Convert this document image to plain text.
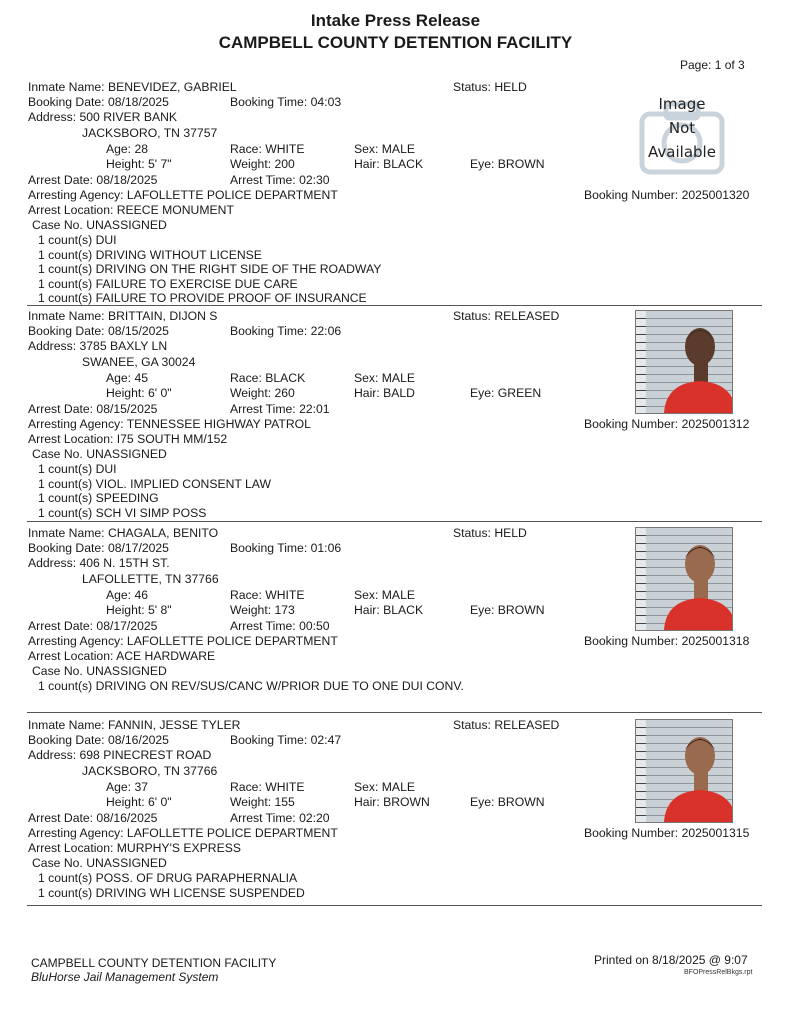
Intake Press Release
CAMPBELL COUNTY DETENTION FACILITY
Page: 1 of 3
Inmate Name: BENEVIDEZ, GABRIEL	Status: HELD
Booking Date: 08/18/2025	Booking Time: 04:03
Address: 500 RIVER BANK
JACKSBORO, TN 37757
Age: 28	Race: WHITE	Sex: MALE
Height: 5' 7"	Weight: 200	Hair: BLACK	Eye: BROWN
Arrest Date: 08/18/2025	Arrest Time: 02:30
Arresting Agency: LAFOLLETTE POLICE DEPARTMENT	Booking Number: 2025001320
Arrest Location: REECE MONUMENT
Case No. UNASSIGNED
1 count(s) DUI
1 count(s) DRIVING WITHOUT LICENSE
1 count(s) DRIVING ON THE RIGHT SIDE OF THE ROADWAY
1 count(s) FAILURE TO EXERCISE DUE CARE
1 count(s) FAILURE TO PROVIDE PROOF OF INSURANCE
Image
Not
Available
Inmate Name: BRITTAIN, DIJON S	Status: RELEASED
Booking Date: 08/15/2025	Booking Time: 22:06
Address: 3785 BAXLY LN
SWANEE, GA 30024
Age: 45	Race: BLACK	Sex: MALE
Height: 6' 0"	Weight: 260	Hair: BALD	Eye: GREEN
Arrest Date: 08/15/2025	Arrest Time: 22:01
Arresting Agency: TENNESSEE HIGHWAY PATROL	Booking Number: 2025001312
Arrest Location: I75 SOUTH MM/152
Case No. UNASSIGNED
1 count(s) DUI
1 count(s) VIOL. IMPLIED CONSENT LAW
1 count(s) SPEEDING
1 count(s) SCH VI SIMP POSS
Inmate Name: CHAGALA, BENITO	Status: HELD
Booking Date: 08/17/2025	Booking Time: 01:06
Address: 406 N. 15TH ST.
LAFOLLETTE, TN 37766
Age: 46	Race: WHITE	Sex: MALE
Height: 5' 8"	Weight: 173	Hair: BLACK	Eye: BROWN
Arrest Date: 08/17/2025	Arrest Time: 00:50
Arresting Agency: LAFOLLETTE POLICE DEPARTMENT	Booking Number: 2025001318
Arrest Location: ACE HARDWARE
Case No. UNASSIGNED
1 count(s) DRIVING ON REV/SUS/CANC W/PRIOR DUE TO ONE DUI CONV.
Inmate Name: FANNIN, JESSE TYLER	Status: RELEASED
Booking Date: 08/16/2025	Booking Time: 02:47
Address: 698 PINECREST ROAD
JACKSBORO, TN 37766
Age: 37	Race: WHITE	Sex: MALE
Height: 6' 0"	Weight: 155	Hair: BROWN	Eye: BROWN
Arrest Date: 08/16/2025	Arrest Time: 02:20
Arresting Agency: LAFOLLETTE POLICE DEPARTMENT	Booking Number: 2025001315
Arrest Location: MURPHY'S EXPRESS
Case No. UNASSIGNED
1 count(s) POSS. OF DRUG PARAPHERNALIA
1 count(s) DRIVING WH LICENSE SUSPENDED
CAMPBELL COUNTY DETENTION FACILITY
BluHorse Jail Management System
Printed on 8/18/2025 @ 9:07
BFOPressRelBkgs.rpt
